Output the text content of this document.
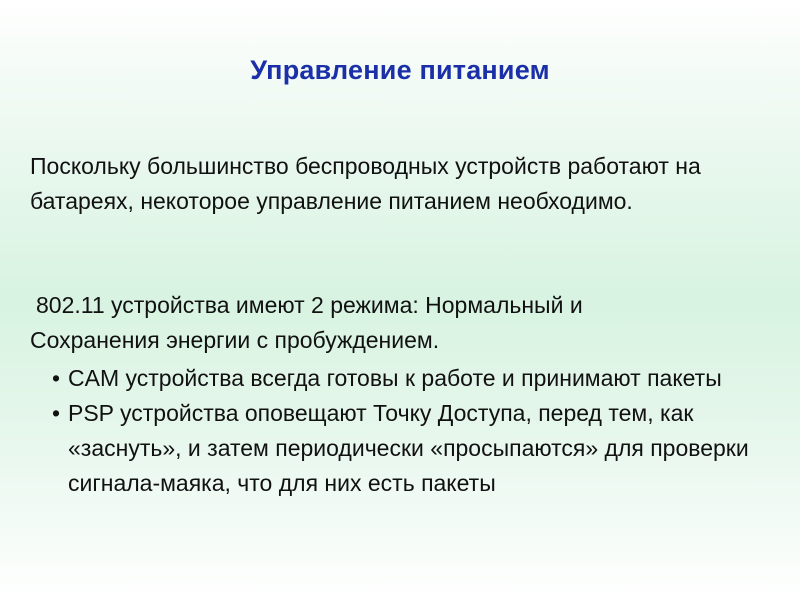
Управление питанием
Поскольку большинство беспроводных устройств работают на батареях, некоторое управление питанием необходимо.
802.11 устройства имеют 2 режима: Нормальный и
Сохранения энергии с пробуждением.
• CAM устройства всегда готовы к работе и принимают пакеты
• PSP устройства оповещают Точку Доступа, перед тем, как «заснуть», и затем периодически «просыпаются» для проверки сигнала-маяка, что для них есть пакеты
